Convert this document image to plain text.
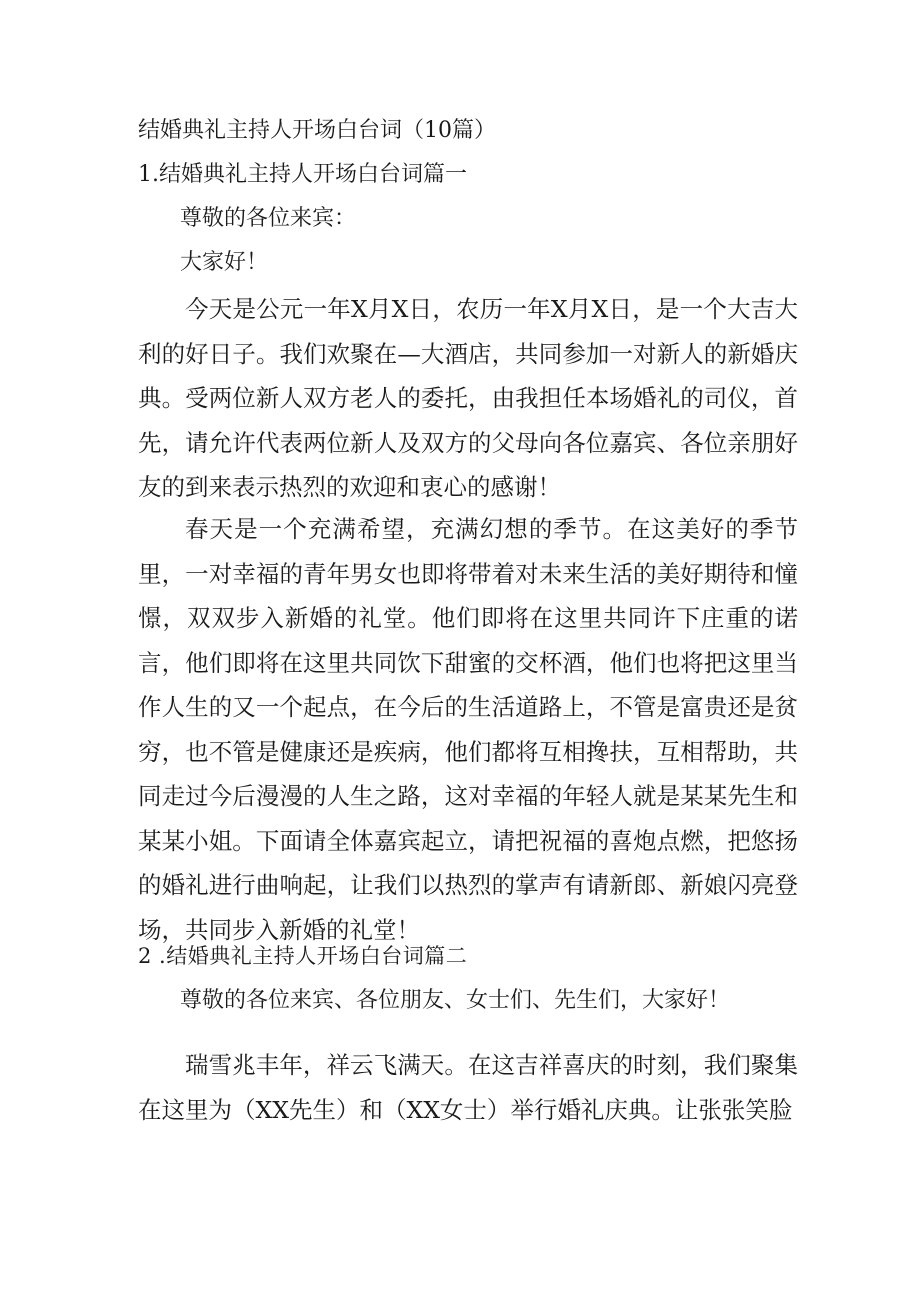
结婚典礼主持人开场白台词（10篇）

1.结婚典礼主持人开场白台词篇一

尊敬的各位来宾：

大家好！

今天是公元一年X月X日，农历一年X月X日，是一个大吉大利的好日子。我们欢聚在—大酒店，共同参加一对新人的新婚庆典。受两位新人双方老人的委托，由我担任本场婚礼的司仪，首先，请允许代表两位新人及双方的父母向各位嘉宾、各位亲朋好友的到来表示热烈的欢迎和衷心的感谢！

春天是一个充满希望，充满幻想的季节。在这美好的季节里，一对幸福的青年男女也即将带着对未来生活的美好期待和憧憬，双双步入新婚的礼堂。他们即将在这里共同许下庄重的诺言，他们即将在这里共同饮下甜蜜的交杯酒，他们也将把这里当作人生的又一个起点，在今后的生活道路上，不管是富贵还是贫穷，也不管是健康还是疾病，他们都将互相搀扶，互相帮助，共同走过今后漫漫的人生之路，这对幸福的年轻人就是某某先生和某某小姐。下面请全体嘉宾起立，请把祝福的喜炮点燃，把悠扬的婚礼进行曲响起，让我们以热烈的掌声有请新郎、新娘闪亮登场，共同步入新婚的礼堂！

2 .结婚典礼主持人开场白台词篇二

尊敬的各位来宾、各位朋友、女士们、先生们，大家好！

瑞雪兆丰年，祥云飞满天。在这吉祥喜庆的时刻，我们聚集在这里为（XX先生）和（XX女士）举行婚礼庆典。让张张笑脸
